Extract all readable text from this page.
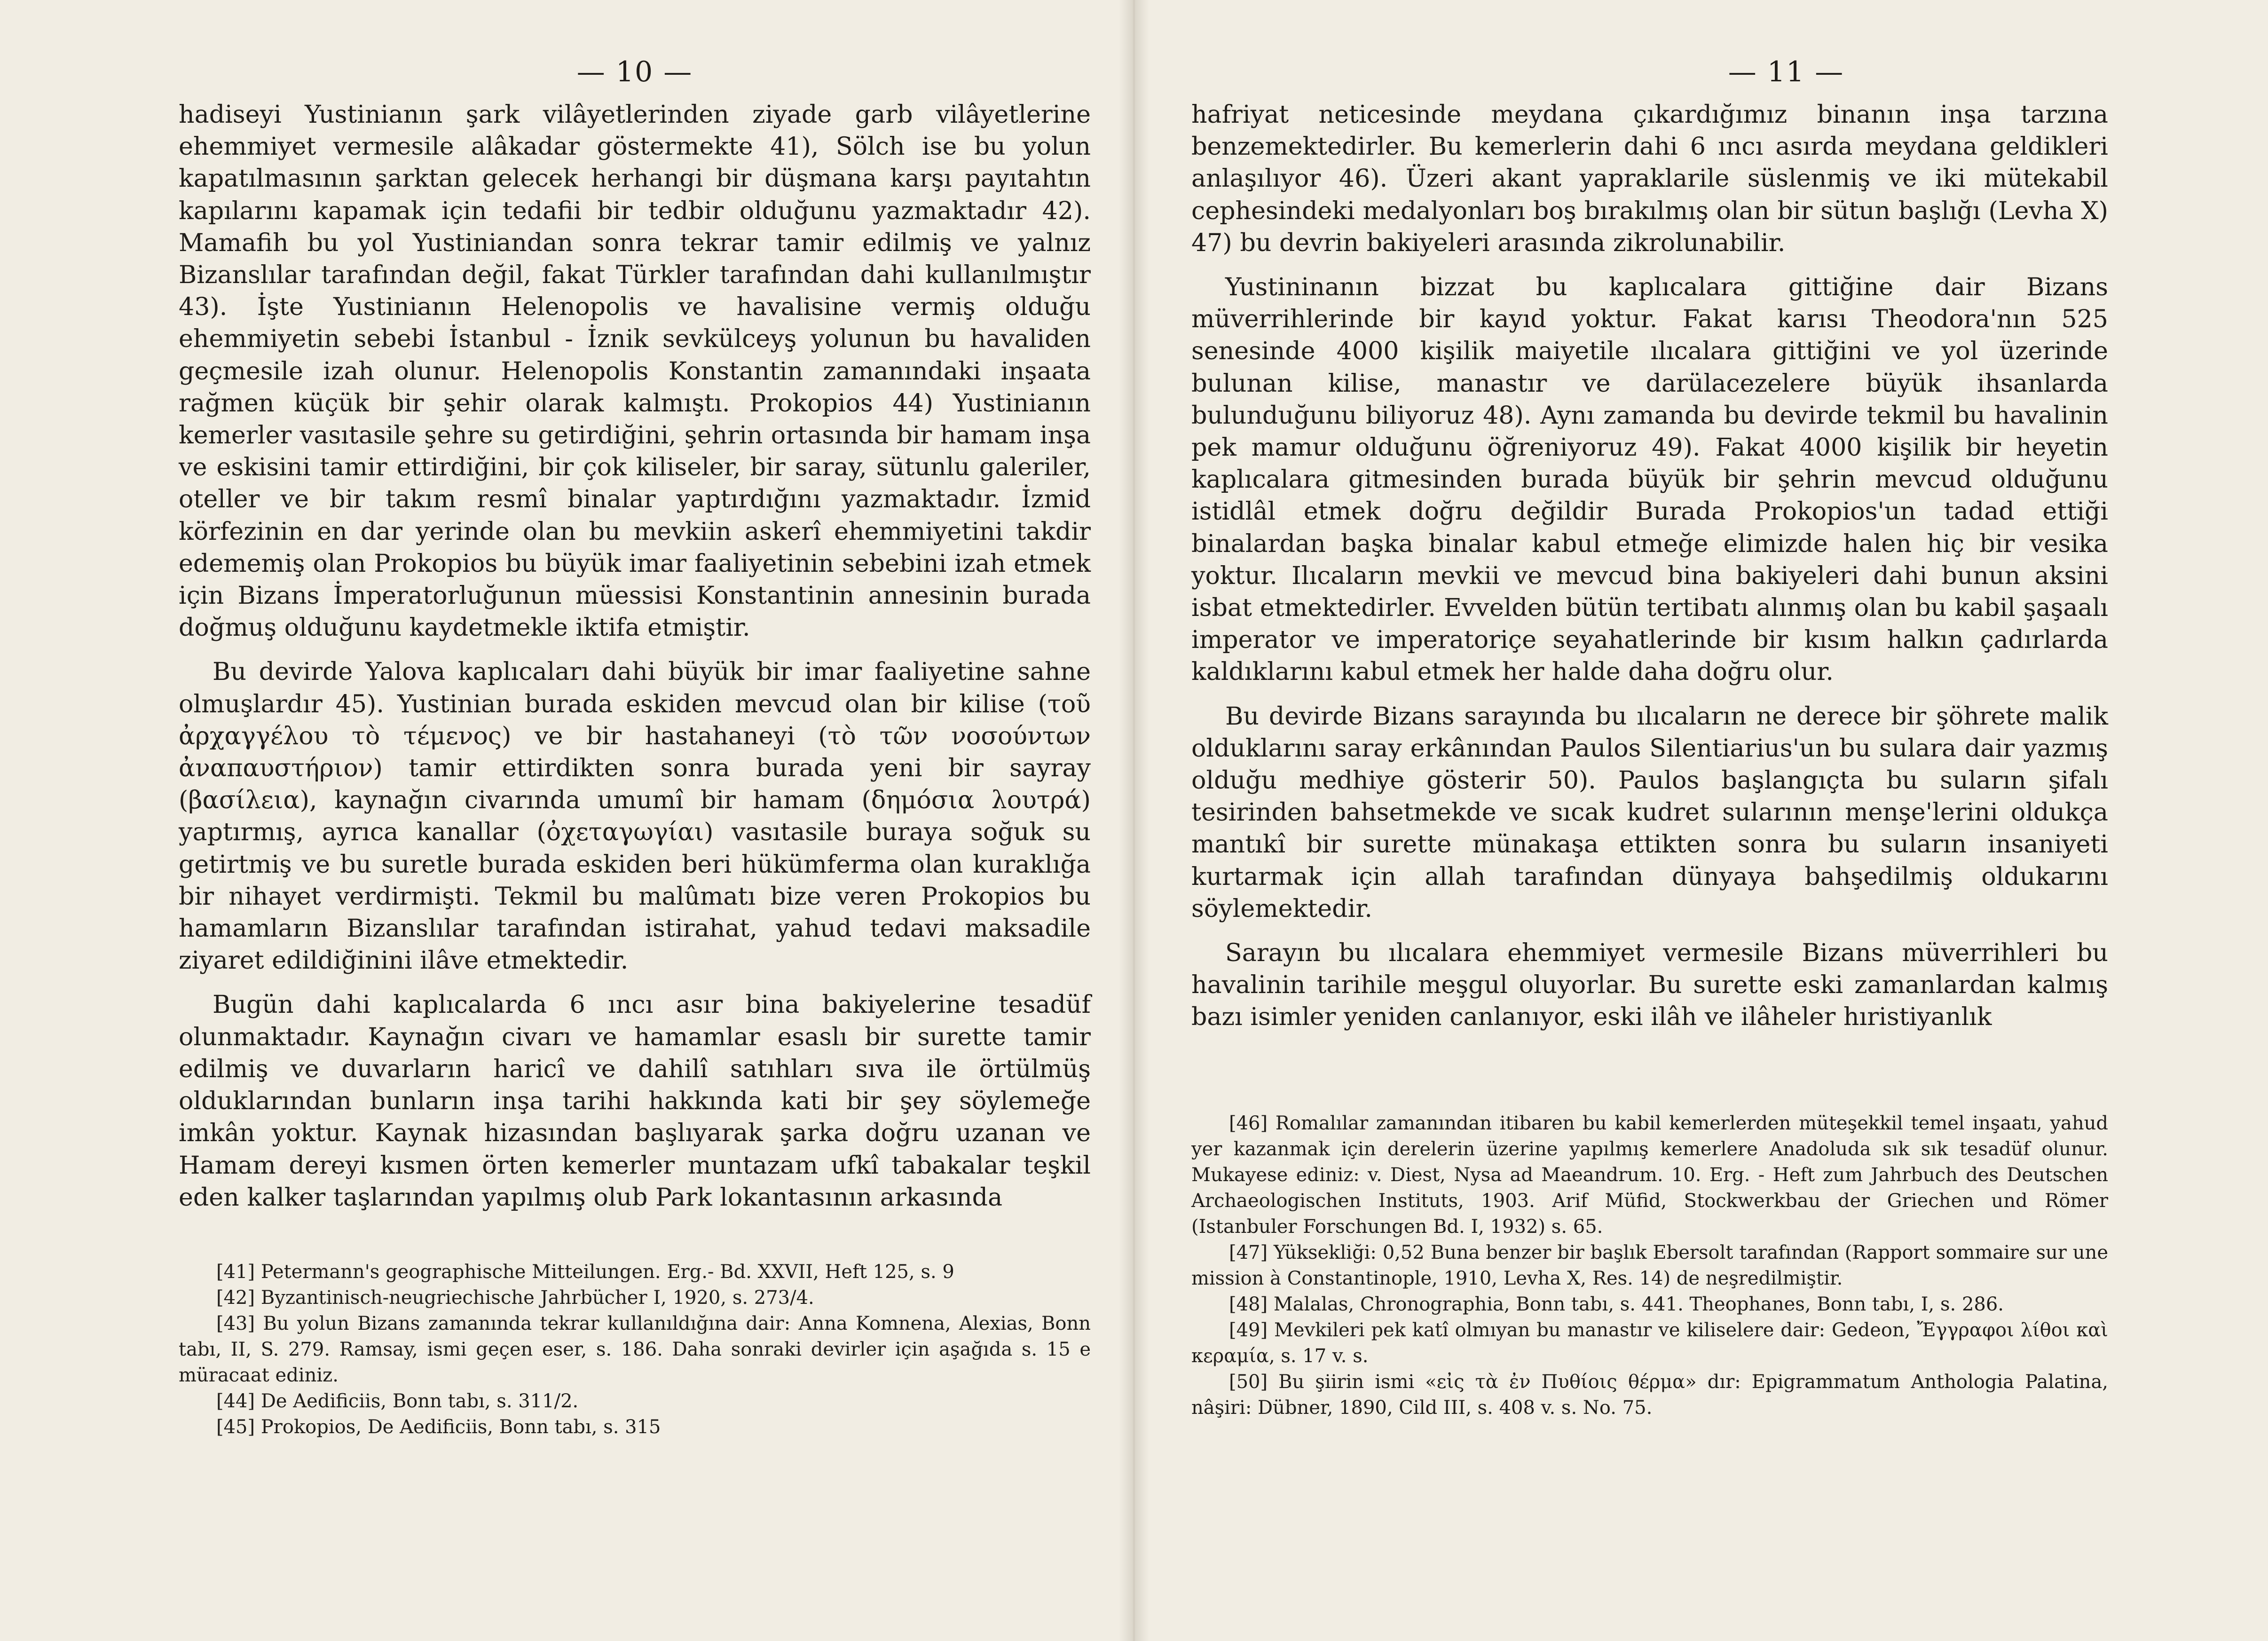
— 10 —

hadiseyi Yustinianın şark vilâyetlerinden ziyade garb vilâyetlerine ehemmiyet vermesile alâkadar göstermekte 41), Sölch ise bu yolun kapatılmasının şarktan gelecek herhangi bir düşmana karşı payıtahtın kapılarını kapamak için tedafii bir tedbir olduğunu yazmaktadır 42). Mamafih bu yol Yustiniandan sonra tekrar tamir edilmiş ve yalnız Bizanslılar tarafından değil, fakat Türkler tarafından dahi kullanılmıştır 43). İşte Yustinianın Helenopolis ve havalisine vermiş olduğu ehemmiyetin sebebi İstanbul - İznik sevkülceyş yolunun bu havaliden geçmesile izah olunur. Helenopolis Konstantin zamanındaki inşaata rağmen küçük bir şehir olarak kalmıştı. Prokopios 44) Yustinianın kemerler vasıtasile şehre su getirdiğini, şehrin ortasında bir hamam inşa ve eskisini tamir ettirdiğini, bir çok kiliseler, bir saray, sütunlu galeriler, oteller ve bir takım resmî binalar yaptırdığını yazmaktadır. İzmid körfezinin en dar yerinde olan bu mevkiin askerî ehemmiyetini takdir edememiş olan Prokopios bu büyük imar faaliyetinin sebebini izah etmek için Bizans İmperatorluğunun müessisi Konstantinin annesinin burada doğmuş olduğunu kaydetmekle iktifa etmiştir.

Bu devirde Yalova kaplıcaları dahi büyük bir imar faaliyetine sahne olmuşlardır 45). Yustinian burada eskiden mevcud olan bir kilise (τοῦ ἀρχαγγέλου τὸ τέμενος) ve bir hastahaneyi (τὸ τῶν νοσούντων ἀναπαυστήριον) tamir ettirdikten sonra burada yeni bir sayray (βασίλεια), kaynağın civarında umumî bir hamam (δημόσια λουτρά) yaptırmış, ayrıca kanallar (ὀχεταγωγίαι) vasıtasile buraya soğuk su getirtmiş ve bu suretle burada eskiden beri hükümferma olan kuraklığa bir nihayet verdirmişti. Tekmil bu malûmatı bize veren Prokopios bu hamamların Bizanslılar tarafından istirahat, yahud tedavi maksadile ziyaret edildiğinini ilâve etmektedir.

Bugün dahi kaplıcalarda 6 ıncı asır bina bakiyelerine tesadüf olunmaktadır. Kaynağın civarı ve hamamlar esaslı bir surette tamir edilmiş ve duvarların haricî ve dahilî satıhları sıva ile örtülmüş olduklarından bunların inşa tarihi hakkında kati bir şey söylemeğe imkân yoktur. Kaynak hizasından başlıyarak şarka doğru uzanan ve Hamam dereyi kısmen örten kemerler muntazam ufkî tabakalar teşkil eden kalker taşlarından yapılmış olub Park lokantasının arkasında

[41] Petermann's geographische Mitteilungen. Erg.- Bd. XXVII, Heft 125, s. 9

[42] Byzantinisch-neugriechische Jahrbücher I, 1920, s. 273/4.

[43] Bu yolun Bizans zamanında tekrar kullanıldığına dair: Anna Komnena, Alexias, Bonn tabı, II, S. 279. Ramsay, ismi geçen eser, s. 186. Daha sonraki devirler için aşağıda s. 15 e müracaat ediniz.

[44] De Aedificiis, Bonn tabı, s. 311/2.

[45] Prokopios, De Aedificiis, Bonn tabı, s. 315

— 11 —

hafriyat neticesinde meydana çıkardığımız binanın inşa tarzına benzemektedirler. Bu kemerlerin dahi 6 ıncı asırda meydana geldikleri anlaşılıyor 46). Üzeri akant yapraklarile süslenmiş ve iki mütekabil cephesindeki medalyonları boş bırakılmış olan bir sütun başlığı (Levha X) 47) bu devrin bakiyeleri arasında zikrolunabilir.

Yustininanın bizzat bu kaplıcalara gittiğine dair Bizans müverrihlerinde bir kayıd yoktur. Fakat karısı Theodora'nın 525 senesinde 4000 kişilik maiyetile ılıcalara gittiğini ve yol üzerinde bulunan kilise, manastır ve darülacezelere büyük ihsanlarda bulunduğunu biliyoruz 48). Aynı zamanda bu devirde tekmil bu havalinin pek mamur olduğunu öğreniyoruz 49). Fakat 4000 kişilik bir heyetin kaplıcalara gitmesinden burada büyük bir şehrin mevcud olduğunu istidlâl etmek doğru değildir Burada Prokopios'un tadad ettiği binalardan başka binalar kabul etmeğe elimizde halen hiç bir vesika yoktur. Ilıcaların mevkii ve mevcud bina bakiyeleri dahi bunun aksini isbat etmektedirler. Evvelden bütün tertibatı alınmış olan bu kabil şaşaalı imperator ve imperatoriçe seyahatlerinde bir kısım halkın çadırlarda kaldıklarını kabul etmek her halde daha doğru olur.

Bu devirde Bizans sarayında bu ılıcaların ne derece bir şöhrete malik olduklarını saray erkânından Paulos Silentiarius'un bu sulara dair yazmış olduğu medhiye gösterir 50). Paulos başlangıçta bu suların şifalı tesirinden bahsetmekde ve sıcak kudret sularının menşe'lerini oldukça mantıkî bir surette münakaşa ettikten sonra bu suların insaniyeti kurtarmak için allah tarafından dünyaya bahşedilmiş oldukarını söylemektedir.

Sarayın bu ılıcalara ehemmiyet vermesile Bizans müverrihleri bu havalinin tarihile meşgul oluyorlar. Bu surette eski zamanlardan kalmış bazı isimler yeniden canlanıyor, eski ilâh ve ilâheler hıristiyanlık

[46] Romalılar zamanından itibaren bu kabil kemerlerden müteşekkil temel inşaatı, yahud yer kazanmak için derelerin üzerine yapılmış kemerlere Anadoluda sık sık tesadüf olunur. Mukayese ediniz: v. Diest, Nysa ad Maeandrum. 10. Erg. - Heft zum Jahrbuch des Deutschen Archaeologischen Instituts, 1903. Arif Müfid, Stockwerkbau der Griechen und Römer (Istanbuler Forschungen Bd. I, 1932) s. 65.

[47] Yüksekliği: 0,52 Buna benzer bir başlık Ebersolt tarafından (Rapport sommaire sur une mission à Constantinople, 1910, Levha X, Res. 14) de neşredilmiştir.

[48] Malalas, Chronographia, Bonn tabı, s. 441. Theophanes, Bonn tabı, I, s. 286.

[49] Mevkileri pek katî olmıyan bu manastır ve kiliselere dair: Gedeon, Ἔγγραφοι λίθοι καὶ κεραμία, s. 17 v. s.

[50] Bu şiirin ismi «εἰς τὰ ἐν Πυθίοις θέρμα» dır: Epigrammatum Anthologia Palatina, nâşiri: Dübner, 1890, Cild III, s. 408 v. s. No. 75.
